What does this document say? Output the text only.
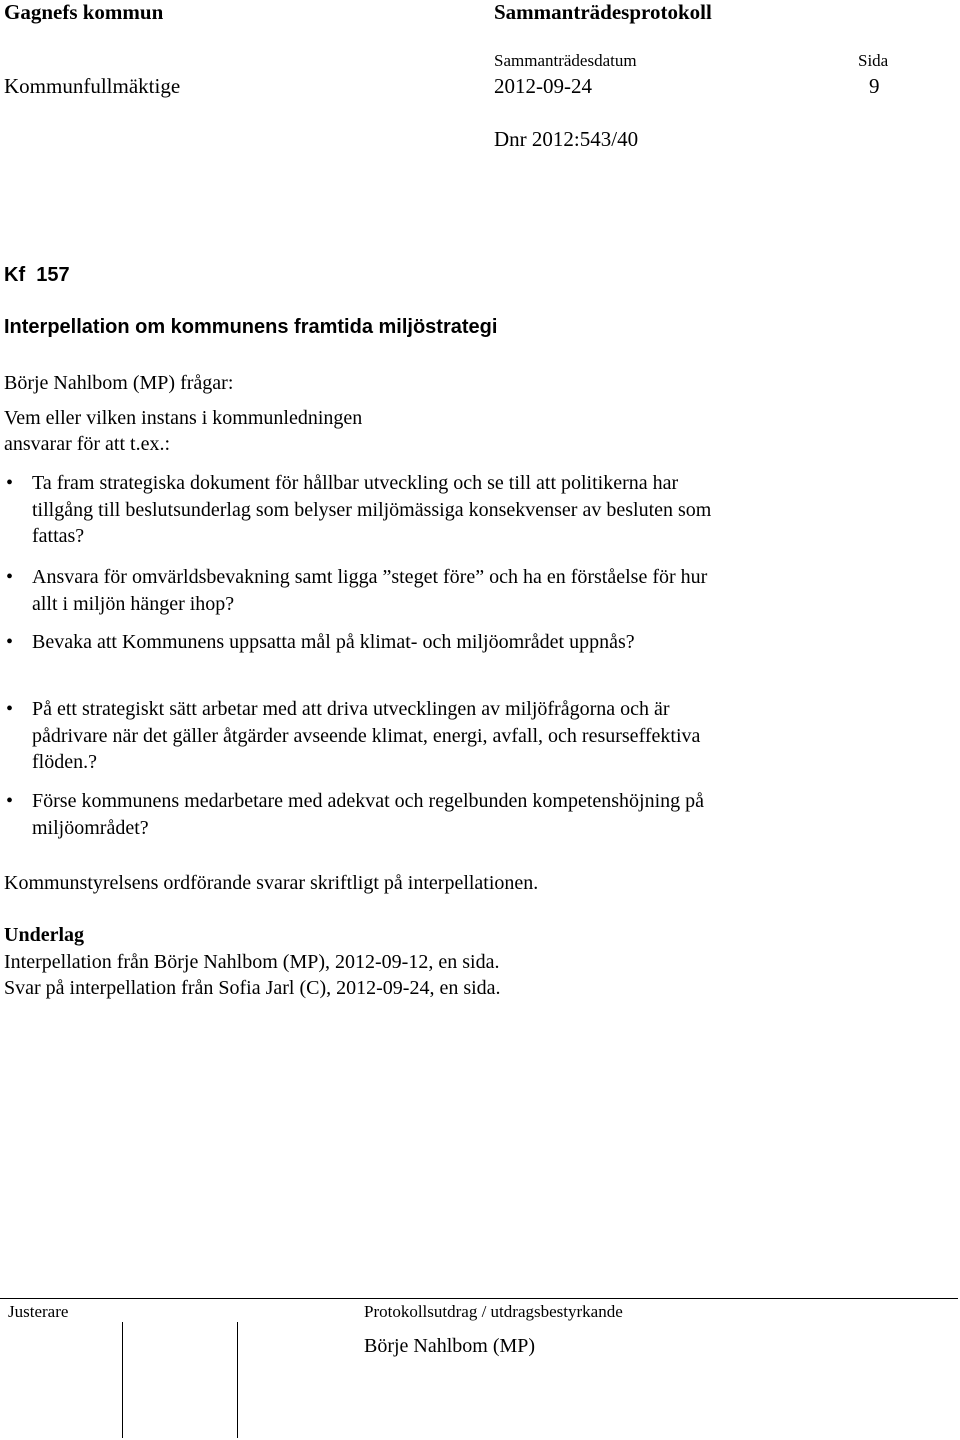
Gagnefs kommun	Sammanträdesprotokoll
Sammanträdesdatum	Sida
Kommunfullmäktige	2012-09-24	9
Dnr 2012:543/40
Kf  157
Interpellation om kommunens framtida miljöstrategi
Börje Nahlbom (MP) frågar:
Vem eller vilken instans i kommunledningen
ansvarar för att t.ex.:
• Ta fram strategiska dokument för hållbar utveckling och se till att politikerna har tillgång till beslutsunderlag som belyser miljömässiga konsekvenser av besluten som fattas?
• Ansvara för omvärldsbevakning samt ligga ”steget före” och ha en förståelse för hur allt i miljön hänger ihop?
• Bevaka att Kommunens uppsatta mål på klimat- och miljöområdet uppnås?
• På ett strategiskt sätt arbetar med att driva utvecklingen av miljöfrågorna och är pådrivare när det gäller åtgärder avseende klimat, energi, avfall, och resurseffektiva flöden.?
• Förse kommunens medarbetare med adekvat och regelbunden kompetenshöjning på miljöområdet?
Kommunstyrelsens ordförande svarar skriftligt på interpellationen.
Underlag
Interpellation från Börje Nahlbom (MP), 2012-09-12, en sida.
Svar på interpellation från Sofia Jarl (C), 2012-09-24, en sida.
Justerare	Protokollsutdrag / utdragsbestyrkande
Börje Nahlbom (MP)
